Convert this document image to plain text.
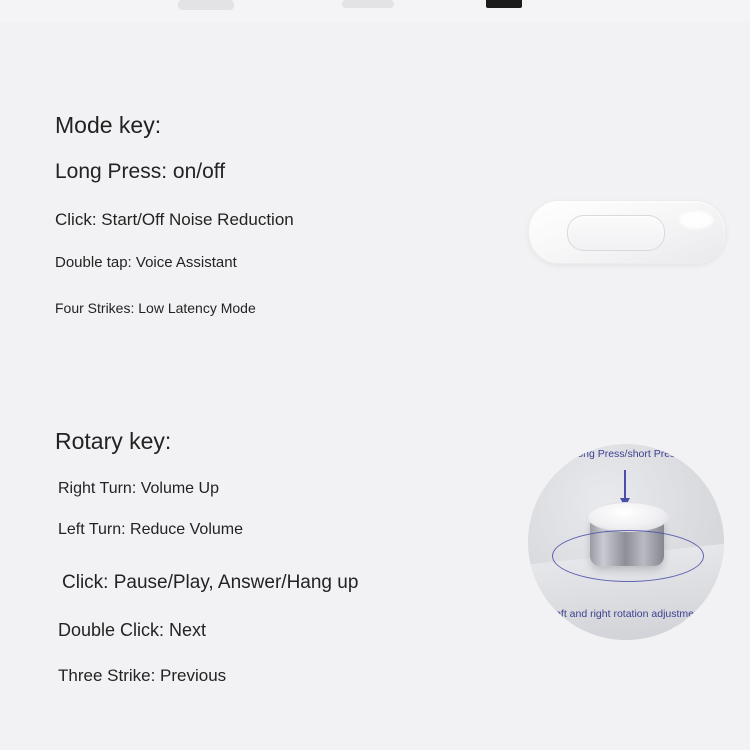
Mode key:
Long Press: on/off
Click: Start/Off Noise Reduction
Double tap: Voice Assistant
Four Strikes: Low Latency Mode
Rotary key:
Right Turn: Volume Up
Left Turn: Reduce Volume
Click: Pause/Play, Answer/Hang up
Double Click: Next
Three Strike: Previous
Long Press/short Press
Left and right rotation adjustment
